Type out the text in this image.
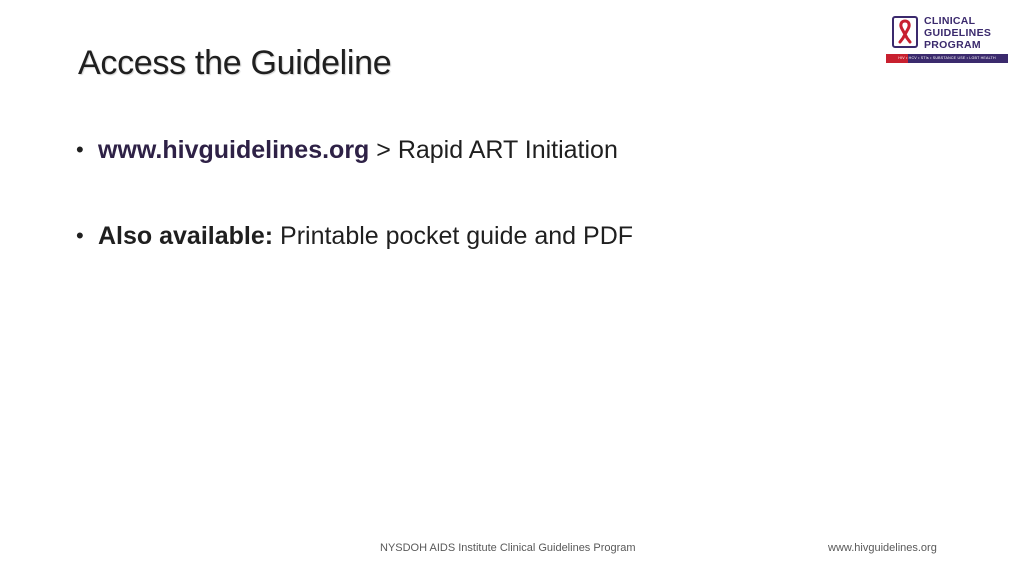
Access the Guideline
CLINICAL
GUIDELINES
PROGRAM
HIV • HCV • STIs • SUBSTANCE USE • LGBT HEALTH
• www.hivguidelines.org > Rapid ART Initiation
• Also available: Printable pocket guide and PDF
NYSDOH AIDS Institute Clinical Guidelines Program	www.hivguidelines.org
